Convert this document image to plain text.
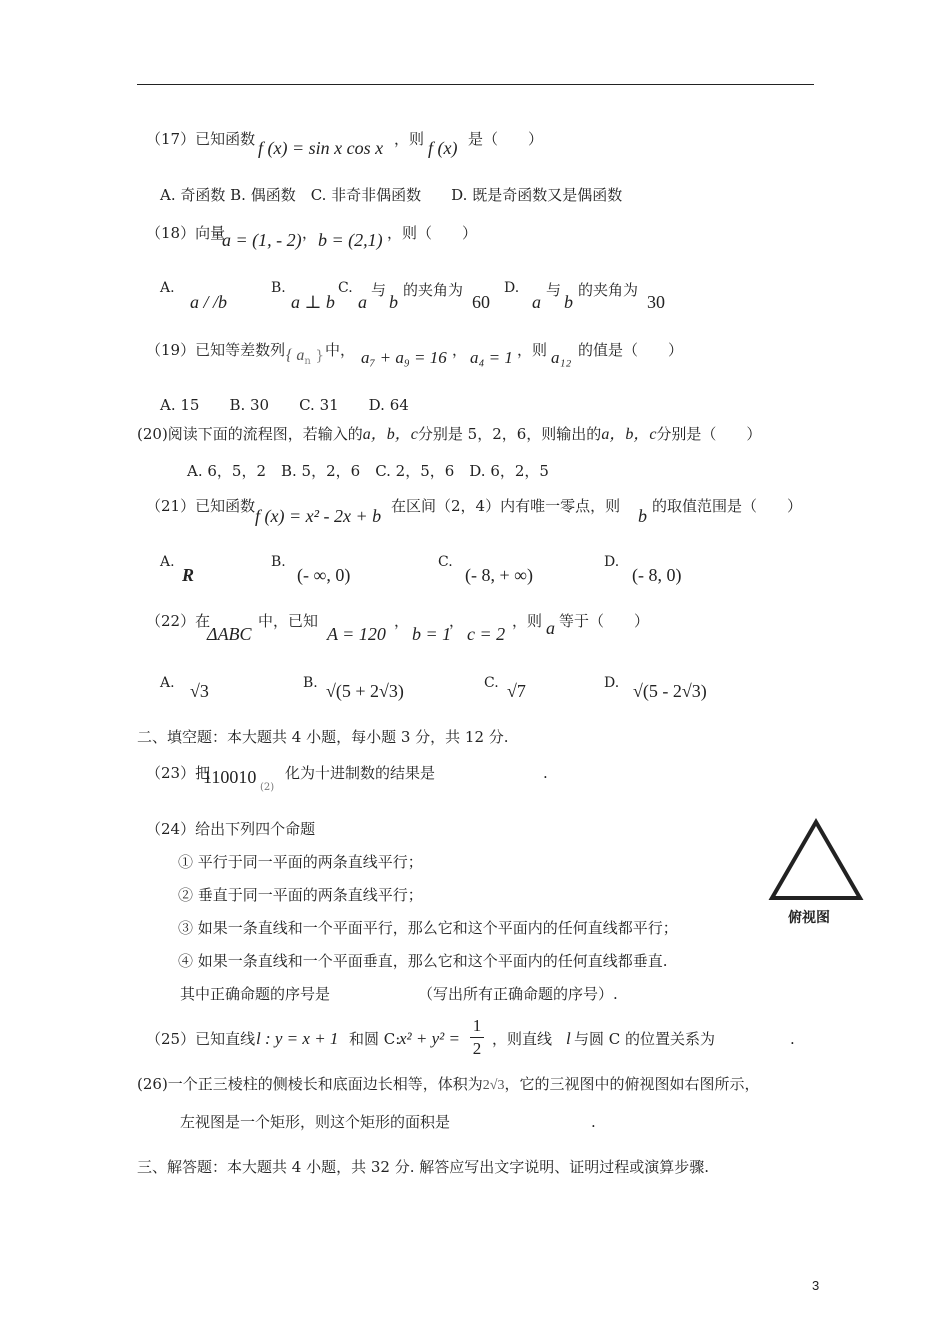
（17）已知函数 f (x) = sin x cos x ，则 f (x) 是（　　）
A. 奇函数 B. 偶函数　C. 非奇非偶函数　　D. 既是奇函数又是偶函数
（18）向量
a = (1, - 2) ， b = (2,1) ，则（　　）
A.
a / /b
B.
a ⊥ b
C.
a
与
b
的夹角为
60
D.
a
与
b
的夹角为
30
（19）已知等差数列 { $a_n$ } 中， a₇ + a₉ = 16 ， a₄ = 1 ，则 a₁₂ 的值是（　　）
A. 15　　B. 30　　C. 31　　D. 64
(20)阅读下面的流程图，若输入的a，b，c分别是 5，2，6，则输出的a，b，c分别是（　　）
A. 6，5，2　B. 5，2，6　C. 2，5，6　D. 6，2，5
（21）已知函数 f (x) = x² - 2x + b 在区间（2，4）内有唯一零点，则 b 的取值范围是（　　）
A.
R
B.
(- ∞, 0)
C.
(- 8, + ∞)
D.
(- 8, 0)
（22）在
ΔABC
中，已知
A = 120
，
b = 1
，
c = 2
，则 a 等于（　　）
A. √3	B. √(5 + 2√3)	C. √7	D. √(5 - 2√3)
二、填空题：本大题共 4 小题，每小题 3 分，共 12 分.
（23）把
110010
(2)
化为十进制数的结果是	.
（24）给出下列四个命题
① 平行于同一平面的两条直线平行；
② 垂直于同一平面的两条直线平行；
③ 如果一条直线和一个平面平行，那么它和这个平面内的任何直线都平行；
④ 如果一条直线和一个平面垂直，那么它和这个平面内的任何直线都垂直.
其中正确命题的序号是	（写出所有正确命题的序号）.
俯视图
（25）已知直线 l : y = x + 1 和圆 C:
x² + y² =
1
2 ，则直线 l 与圆 C 的位置关系为	.
(26)一个正三棱柱的侧棱长和底面边长相等，体积为2√3，它的三视图中的俯视图如右图所示，
左视图是一个矩形，则这个矩形的面积是	.
三、解答题：本大题共 4 小题，共 32 分. 解答应写出文字说明、证明过程或演算步骤.
3
